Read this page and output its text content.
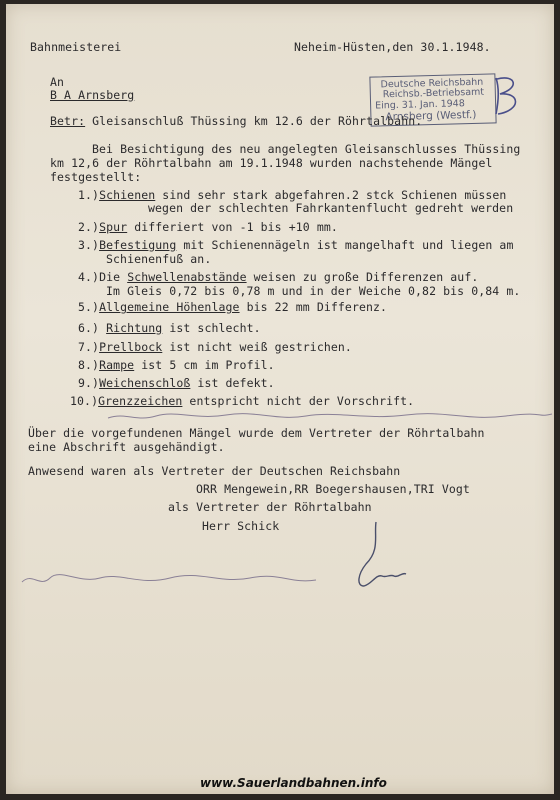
Bahnmeisterei	Neheim-Hüsten,den 30.1.1948.
An
B A Arnsberg
Deutsche Reichsbahn
Reichsb.-Betriebsamt
Eing. 31. Jan. 1948
Arnsberg (Westf.)
Betr: Gleisanschluß Thüssing km 12.6 der Röhrtalbahn.
Bei Besichtigung des neu angelegten Gleisanschlusses Thüssing
km 12,6 der Röhrtalbahn am 19.1.1948 wurden nachstehende Mängel
festgestellt:
1.)Schienen sind sehr stark abgefahren.2 stck Schienen müssen
wegen der schlechten Fahrkantenflucht gedreht werden
2.)Spur differiert von -1 bis +10 mm.
3.)Befestigung mit Schienennägeln ist mangelhaft und liegen am
Schienenfuß an.
4.)Die Schwellenabstände weisen zu große Differenzen auf.
Im Gleis 0,72 bis 0,78 m und in der Weiche 0,82 bis 0,84 m.
5.)Allgemeine Höhenlage bis 22 mm Differenz.
6.) Richtung ist schlecht.
7.)Prellbock ist nicht weiß gestrichen.
8.)Rampe ist 5 cm im Profil.
9.)Weichenschloß ist defekt.
10.)Grenzzeichen entspricht nicht der Vorschrift.
Über die vorgefundenen Mängel wurde dem Vertreter der Röhrtalbahn
eine Abschrift ausgehändigt.
Anwesend waren als Vertreter der Deutschen Reichsbahn
ORR Mengewein,RR Boegershausen,TRI Vogt
als Vertreter der Röhrtalbahn
Herr Schick
www.Sauerlandbahnen.info
